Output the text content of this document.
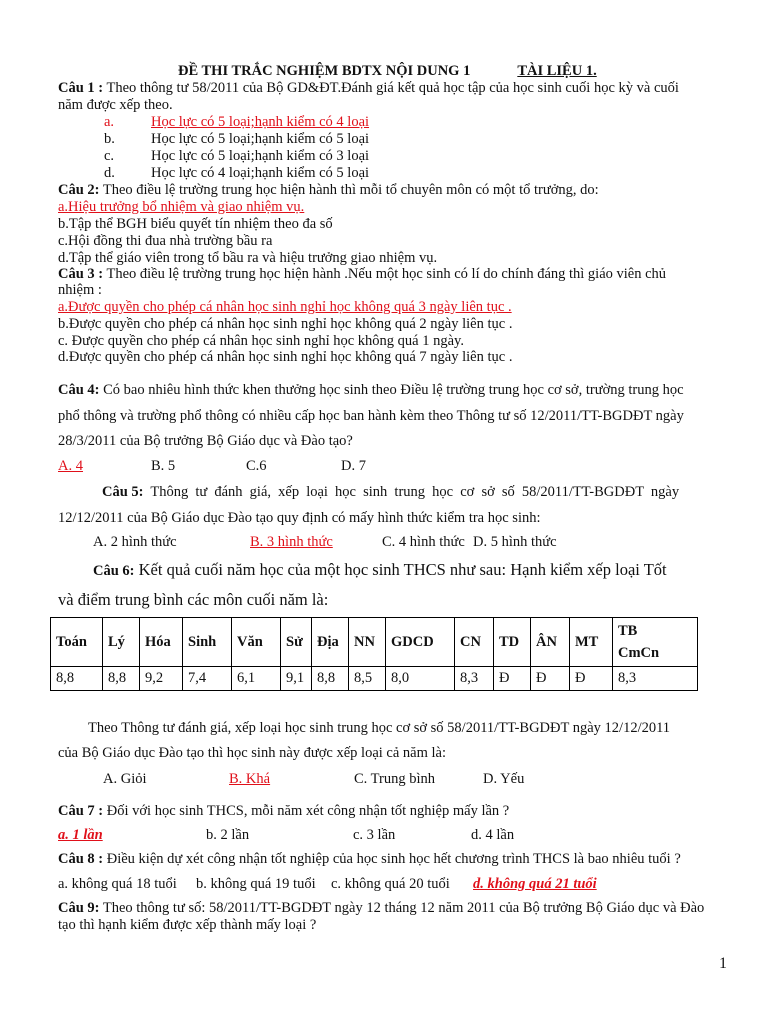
ĐỀ THI TRẮC NGHIỆM BDTX NỘI DUNG 1	TÀI LIỆU 1.
Câu 1 : Theo thông tư 58/2011 của Bộ GD&ĐT.Đánh giá kết quả học tập của học sinh cuối học kỳ và cuối
năm được xếp theo.
a.	Học lực có 5 loại;hạnh kiểm có 4 loại
b. Học lực có 5 loại;hạnh kiểm có 5 loại
c.	Học lực có 5 loại;hạnh kiểm có 3 loại
d. Học lực có 4 loại;hạnh kiểm có 5 loại
Câu 2: Theo điều lệ trường trung học hiện hành thì mỗi tổ chuyên môn có một tổ trưởng, do:
a.Hiệu trưởng bổ nhiệm và giao nhiệm vụ.
b.Tập thể BGH biểu quyết tín nhiệm theo đa số
c.Hội đồng thi đua nhà trường bầu ra
d.Tập thể giáo viên trong tổ bầu ra và hiệu trưởng giao nhiệm vụ.
Câu 3 : Theo điều lệ trường trung học hiện hành .Nếu một học sinh có lí do chính đáng thì giáo viên chủ
nhiệm :
a.Được quyền cho phép cá nhân học sinh nghỉ học không quá 3 ngày liên tục .
b.Được quyền cho phép cá nhân học sinh nghỉ học không quá 2 ngày liên tục .
c. Được quyền cho phép cá nhân học sinh nghỉ học không quá 1 ngày.
d.Được quyền cho phép cá nhân học sinh nghỉ học không quá 7 ngày liên tục .
Câu 4: Có bao nhiêu hình thức khen thưởng học sinh theo Điều lệ trường trung học cơ sở, trường trung học
phổ thông và trường phổ thông có nhiều cấp học ban hành kèm theo Thông tư số 12/2011/TT-BGDĐT ngày
28/3/2011 của Bộ trưởng Bộ Giáo dục và Đào tạo?
A. 4	B. 5	C.6	D. 7
Câu 5: Thông tư đánh giá, xếp loại học sinh trung học cơ sở số 58/2011/TT-BGDĐT ngày
12/12/2011 của Bộ Giáo dục Đào tạo quy định có mấy hình thức kiểm tra học sinh:
A. 2 hình thức	B. 3 hình thức	C. 4 hình thức D. 5 hình thức
Câu 6: Kết quả cuối năm học của một học sinh THCS như sau: Hạnh kiểm xếp loại Tốt
và điểm trung bình các môn cuối năm là:
Toán	Lý	Hóa	Sinh	Văn	Sử	Địa	NN	GDCD	CN	TD	ÂN	MT	TB
CmCn
8,8	8,8	9,2	7,4	6,1	9,1	8,8	8,5	8,0	8,3	Đ	Đ	Đ	8,3
Theo Thông tư đánh giá, xếp loại học sinh trung học cơ sở số 58/2011/TT-BGDĐT ngày 12/12/2011
của Bộ Giáo dục Đào tạo thì học sinh này được xếp loại cả năm là:
A. Giỏi	B. Khá	C. Trung bình	D. Yếu
Câu 7 : Đối với học sinh THCS, mỗi năm xét công nhận tốt nghiệp mấy lần ?
a. 1 lần	b. 2 lần	c. 3 lần	d. 4 lần
Câu 8 : Điều kiện dự xét công nhận tốt nghiệp của học sinh học hết chương trình THCS là bao nhiêu tuổi ?
a. không quá 18 tuổi b. không quá 19 tuổi c. không quá 20 tuổi d. không quá 21 tuổi
Câu 9: Theo thông tư số: 58/2011/TT-BGDĐT ngày 12 tháng 12 năm 2011 của Bộ trưởng Bộ Giáo dục và Đào
tạo thì hạnh kiểm được xếp thành mấy loại ?
1
